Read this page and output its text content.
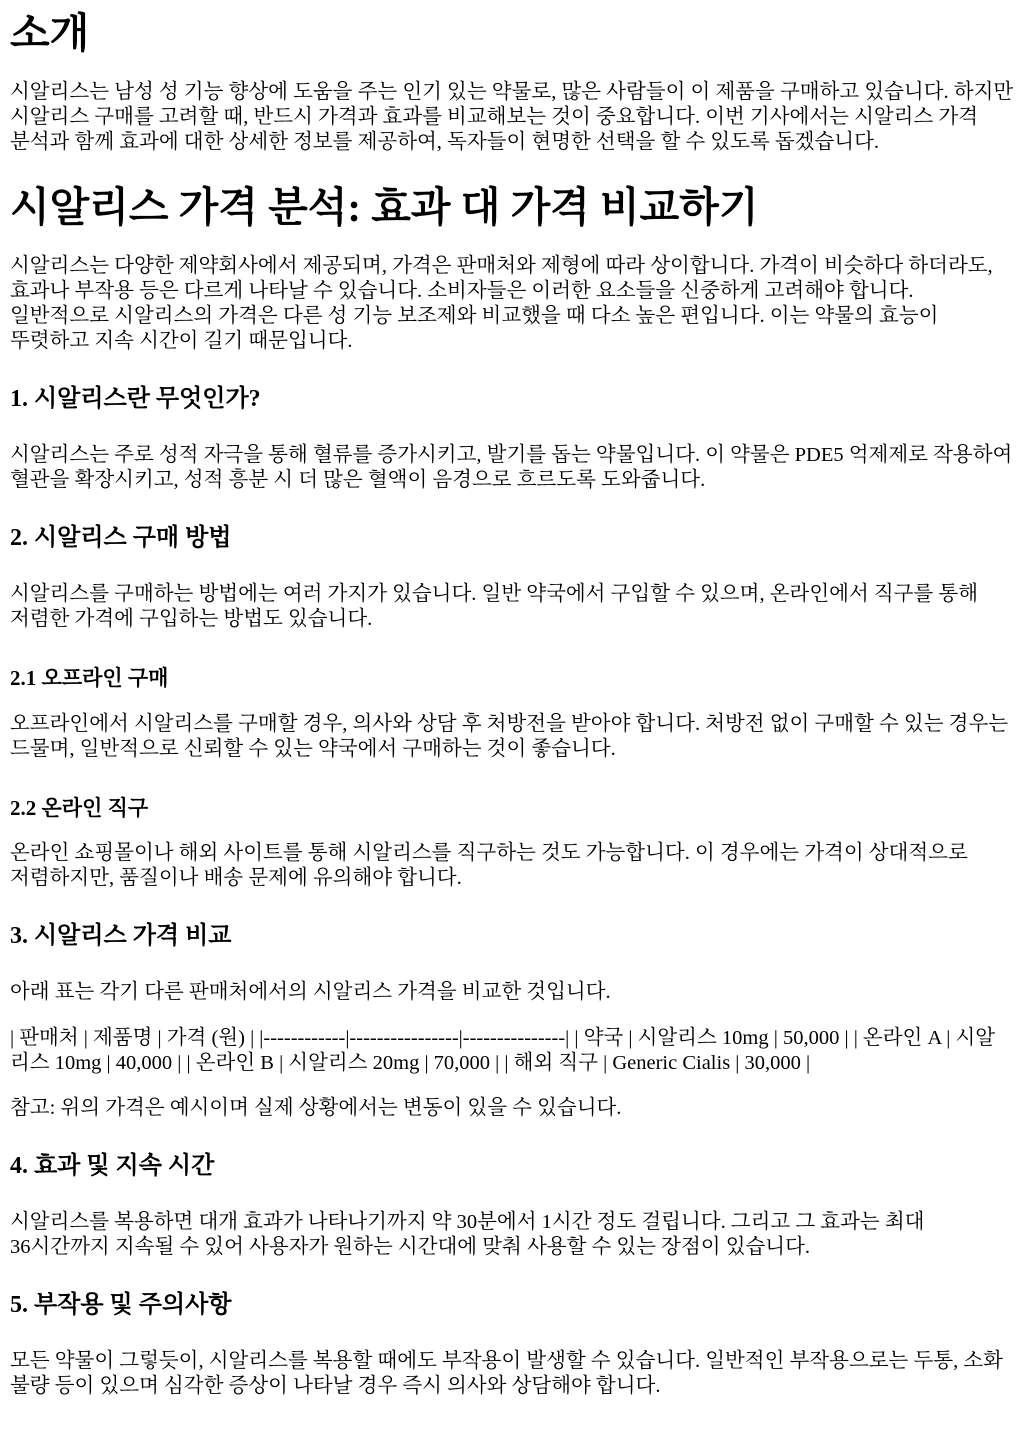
소개

시알리스는 남성 성 기능 향상에 도움을 주는 인기 있는 약물로, 많은 사람들이 이 제품을 구매하고 있습니다. 하지만 시알리스 구매를 고려할 때, 반드시 가격과 효과를 비교해보는 것이 중요합니다. 이번 기사에서는 시알리스 가격 분석과 함께 효과에 대한 상세한 정보를 제공하여, 독자들이 현명한 선택을 할 수 있도록 돕겠습니다.

시알리스 가격 분석: 효과 대 가격 비교하기

시알리스는 다양한 제약회사에서 제공되며, 가격은 판매처와 제형에 따라 상이합니다. 가격이 비슷하다 하더라도, 효과나 부작용 등은 다르게 나타날 수 있습니다. 소비자들은 이러한 요소들을 신중하게 고려해야 합니다. 일반적으로 시알리스의 가격은 다른 성 기능 보조제와 비교했을 때 다소 높은 편입니다. 이는 약물의 효능이 뚜렷하고 지속 시간이 길기 때문입니다.

1. 시알리스란 무엇인가?

시알리스는 주로 성적 자극을 통해 혈류를 증가시키고, 발기를 돕는 약물입니다. 이 약물은 PDE5 억제제로 작용하여 혈관을 확장시키고, 성적 흥분 시 더 많은 혈액이 음경으로 흐르도록 도와줍니다.

2. 시알리스 구매 방법

시알리스를 구매하는 방법에는 여러 가지가 있습니다. 일반 약국에서 구입할 수 있으며, 온라인에서 직구를 통해 저렴한 가격에 구입하는 방법도 있습니다.

2.1 오프라인 구매

오프라인에서 시알리스를 구매할 경우, 의사와 상담 후 처방전을 받아야 합니다. 처방전 없이 구매할 수 있는 경우는 드물며, 일반적으로 신뢰할 수 있는 약국에서 구매하는 것이 좋습니다.

2.2 온라인 직구

온라인 쇼핑몰이나 해외 사이트를 통해 시알리스를 직구하는 것도 가능합니다. 이 경우에는 가격이 상대적으로 저렴하지만, 품질이나 배송 문제에 유의해야 합니다.

3. 시알리스 가격 비교

아래 표는 각기 다른 판매처에서의 시알리스 가격을 비교한 것입니다.

| 판매처 | 제품명 | 가격 (원) | |------------|----------------|---------------| | 약국 | 시알리스 10mg | 50,000 | | 온라인 A | 시알리스 10mg | 40,000 | | 온라인 B | 시알리스 20mg | 70,000 | | 해외 직구 | Generic Cialis | 30,000 |

참고: 위의 가격은 예시이며 실제 상황에서는 변동이 있을 수 있습니다.

4. 효과 및 지속 시간

시알리스를 복용하면 대개 효과가 나타나기까지 약 30분에서 1시간 정도 걸립니다. 그리고 그 효과는 최대 36시간까지 지속될 수 있어 사용자가 원하는 시간대에 맞춰 사용할 수 있는 장점이 있습니다.

5. 부작용 및 주의사항

모든 약물이 그렇듯이, 시알리스를 복용할 때에도 부작용이 발생할 수 있습니다. 일반적인 부작용으로는 두통, 소화 불량 등이 있으며 심각한 증상이 나타날 경우 즉시 의사와 상담해야 합니다.
